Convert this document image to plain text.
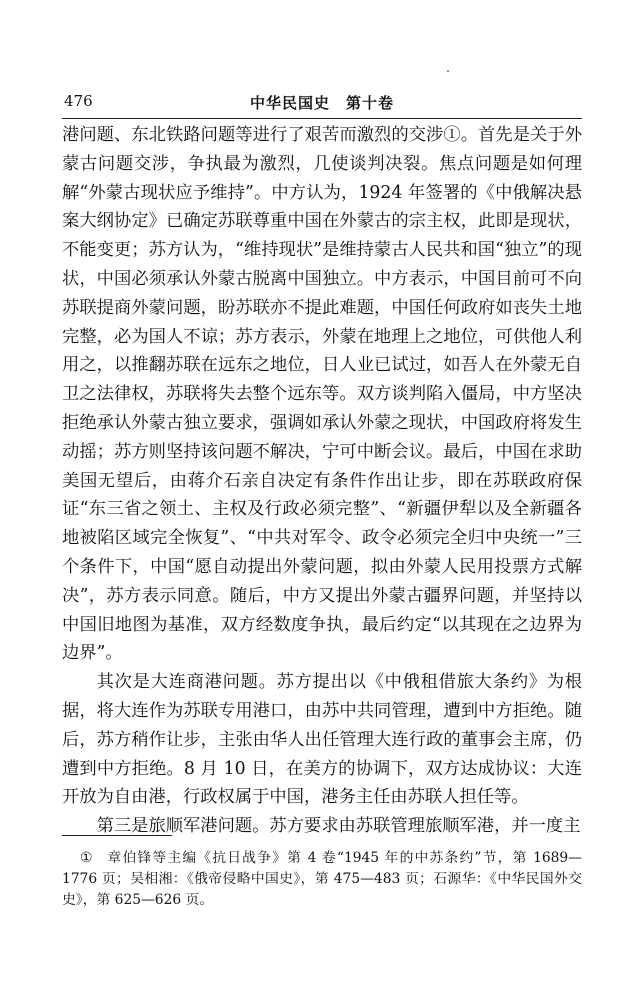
476	中华民国史　第十卷

港问题、东北铁路问题等进行了艰苦而激烈的交涉①。首先是关于外蒙古问题交涉，争执最为激烈，几使谈判决裂。焦点问题是如何理解“外蒙古现状应予维持”。中方认为，1924 年签署的《中俄解决悬案大纲协定》已确定苏联尊重中国在外蒙古的宗主权，此即是现状，不能变更；苏方认为，“维持现状”是维持蒙古人民共和国“独立”的现状，中国必须承认外蒙古脱离中国独立。中方表示，中国目前可不向苏联提商外蒙问题，盼苏联亦不提此难题，中国任何政府如丧失土地完整，必为国人不谅；苏方表示，外蒙在地理上之地位，可供他人利用之，以推翻苏联在远东之地位，日人业已试过，如吾人在外蒙无自卫之法律权，苏联将失去整个远东等。双方谈判陷入僵局，中方坚决拒绝承认外蒙古独立要求，强调如承认外蒙之现状，中国政府将发生动摇；苏方则坚持该问题不解决，宁可中断会议。最后，中国在求助美国无望后，由蒋介石亲自决定有条件作出让步，即在苏联政府保证“东三省之领土、主权及行政必须完整”、“新疆伊犁以及全新疆各地被陷区域完全恢复”、“中共对军令、政令必须完全归中央统一”三个条件下，中国“愿自动提出外蒙问题，拟由外蒙人民用投票方式解决”，苏方表示同意。随后，中方又提出外蒙古疆界问题，并坚持以中国旧地图为基准，双方经数度争执，最后约定“以其现在之边界为边界”。

其次是大连商港问题。苏方提出以《中俄租借旅大条约》为根据，将大连作为苏联专用港口，由苏中共同管理，遭到中方拒绝。随后，苏方稍作让步，主张由华人出任管理大连行政的董事会主席，仍遭到中方拒绝。8 月 10 日，在美方的协调下，双方达成协议：大连开放为自由港，行政权属于中国，港务主任由苏联人担任等。

第三是旅顺军港问题。苏方要求由苏联管理旅顺军港，并一度主

① 章伯锋等主编《抗日战争》第 4 卷“1945 年的中苏条约”节，第 1689—1776 页；吴相湘：《俄帝侵略中国史》，第 475—483 页；石源华：《中华民国外交史》，第 625—626 页。
